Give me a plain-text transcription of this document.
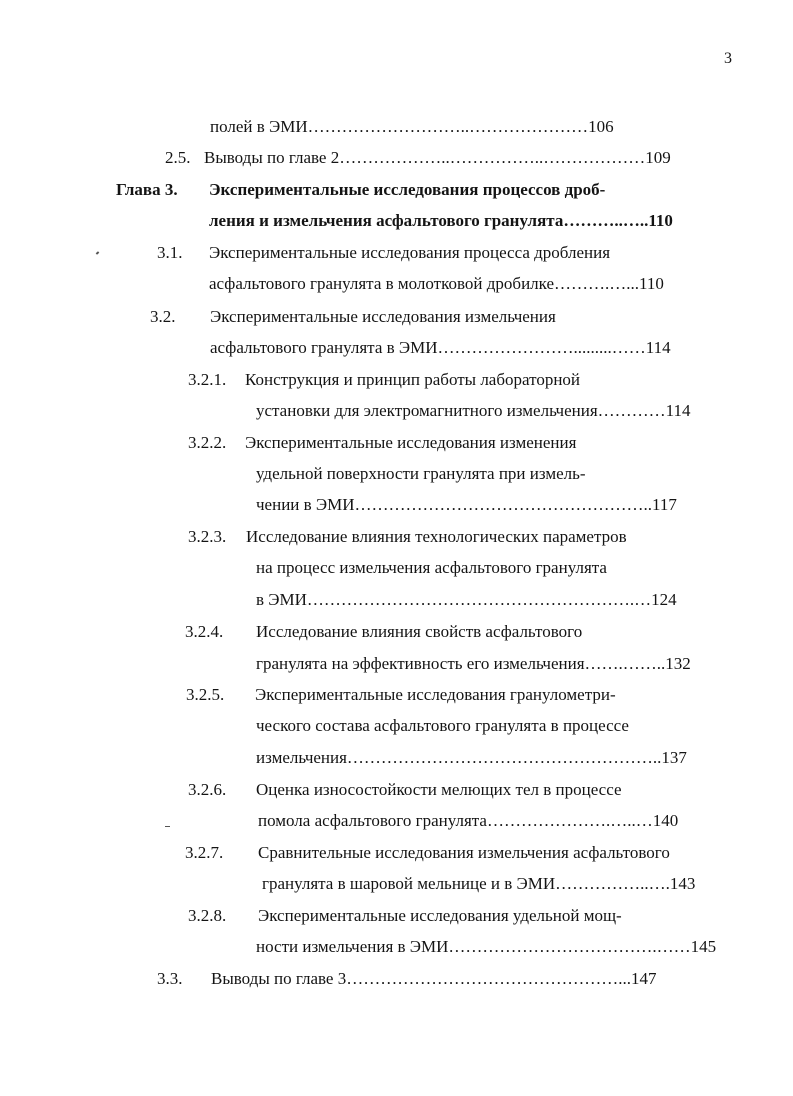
3
полей в ЭМИ………………………..…………………106
2.5. Выводы по главе 2………………..……………..………………109
Глава 3. Экспериментальные исследования процессов дроб-
ления и измельчения асфальтового гранулята………..…..110
3.1. Экспериментальные исследования процесса дробления
асфальтового гранулята в молотковой дробилке……….…...110
3.2. Экспериментальные исследования измельчения
асфальтового гранулята в ЭМИ…………………….........……114
3.2.1. Конструкция и принцип работы лабораторной
установки для электромагнитного измельчения…………114
3.2.2. Экспериментальные исследования изменения
удельной поверхности гранулята при измель-
чении в ЭМИ……………………………………………..117
3.2.3. Исследование влияния технологических параметров
на процесс измельчения асфальтового гранулята
в ЭМИ………………………………………………….…124
3.2.4. Исследование влияния свойств асфальтового
гранулята на эффективность его измельчения…….……..132
3.2.5. Экспериментальные исследования гранулометри-
ческого состава асфальтового гранулята в процессе
измельчения………………………………………………..137
3.2.6. Оценка износостойкости мелющих тел в процессе
помола асфальтового гранулята………………….…..…140
3.2.7. Сравнительные исследования измельчения асфальтового
гранулята в шаровой мельнице и в ЭМИ……………..….143
3.2.8. Экспериментальные исследования удельной мощ-
ности измельчения в ЭМИ……………………………….……145
3.3. Выводы по главе 3…………………………………………...147
